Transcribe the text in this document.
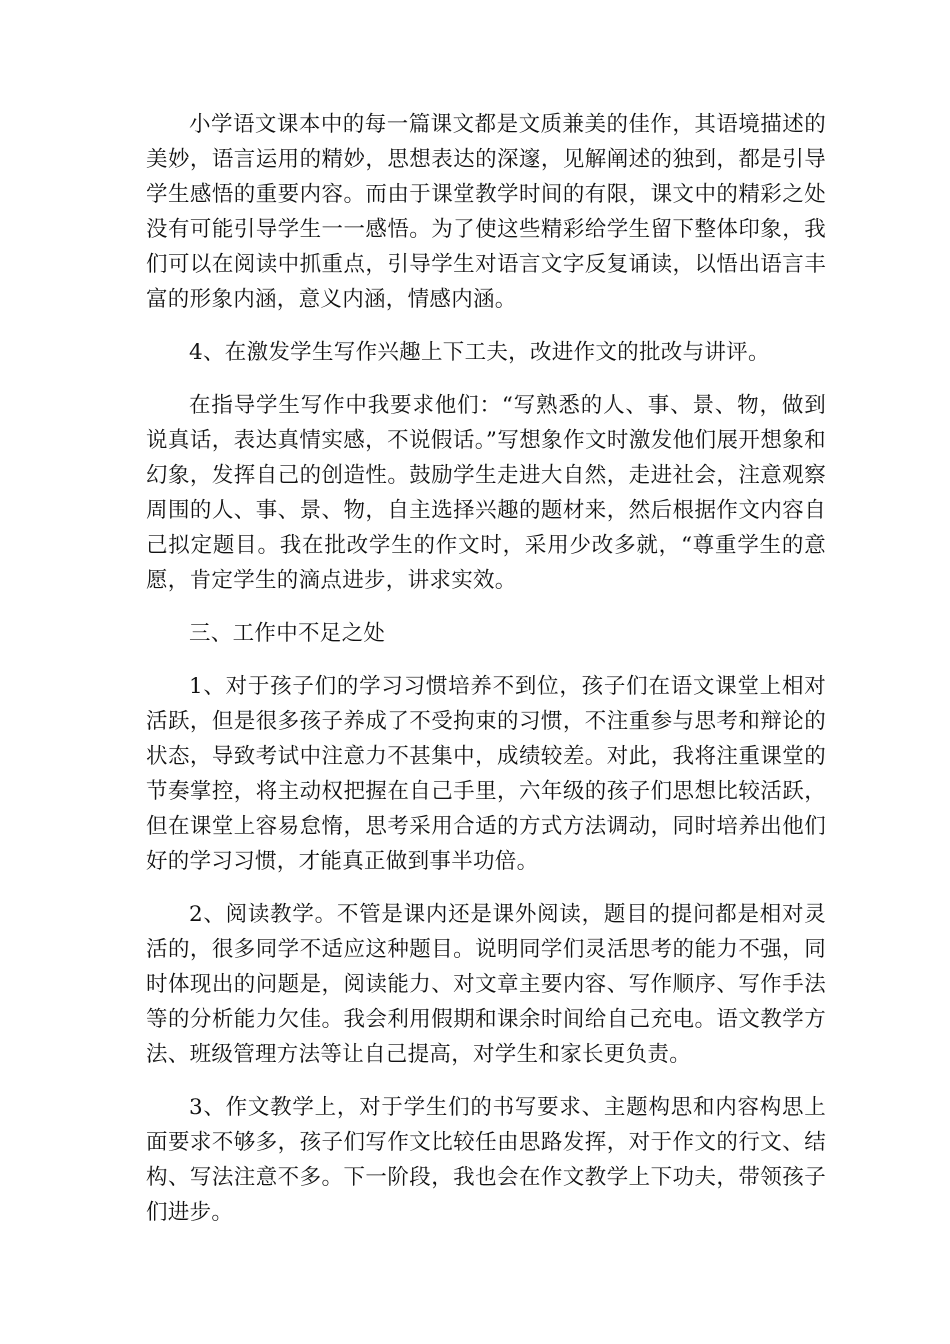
小学语文课本中的每一篇课文都是文质兼美的佳作，其语境描述的美妙，语言运用的精妙，思想表达的深邃，见解阐述的独到，都是引导学生感悟的重要内容。而由于课堂教学时间的有限，课文中的精彩之处没有可能引导学生一一感悟。为了使这些精彩给学生留下整体印象，我们可以在阅读中抓重点，引导学生对语言文字反复诵读，以悟出语言丰富的形象内涵，意义内涵，情感内涵。

4、在激发学生写作兴趣上下工夫，改进作文的批改与讲评。

在指导学生写作中我要求他们：“写熟悉的人、事、景、物，做到说真话，表达真情实感，不说假话。”写想象作文时激发他们展开想象和幻象，发挥自己的创造性。鼓励学生走进大自然，走进社会，注意观察周围的人、事、景、物，自主选择兴趣的题材来，然后根据作文内容自己拟定题目。我在批改学生的作文时，采用少改多就，“尊重学生的意愿，肯定学生的滴点进步，讲求实效。

三、工作中不足之处

1、对于孩子们的学习习惯培养不到位，孩子们在语文课堂上相对活跃，但是很多孩子养成了不受拘束的习惯，不注重参与思考和辩论的状态，导致考试中注意力不甚集中，成绩较差。对此，我将注重课堂的节奏掌控，将主动权把握在自己手里，六年级的孩子们思想比较活跃，但在课堂上容易怠惰，思考采用合适的方式方法调动，同时培养出他们好的学习习惯，才能真正做到事半功倍。

2、阅读教学。不管是课内还是课外阅读，题目的提问都是相对灵活的，很多同学不适应这种题目。说明同学们灵活思考的能力不强，同时体现出的问题是，阅读能力、对文章主要内容、写作顺序、写作手法等的分析能力欠佳。我会利用假期和课余时间给自己充电。语文教学方法、班级管理方法等让自己提高，对学生和家长更负责。

3、作文教学上，对于学生们的书写要求、主题构思和内容构思上面要求不够多，孩子们写作文比较任由思路发挥，对于作文的行文、结构、写法注意不多。下一阶段，我也会在作文教学上下功夫，带领孩子们进步。
